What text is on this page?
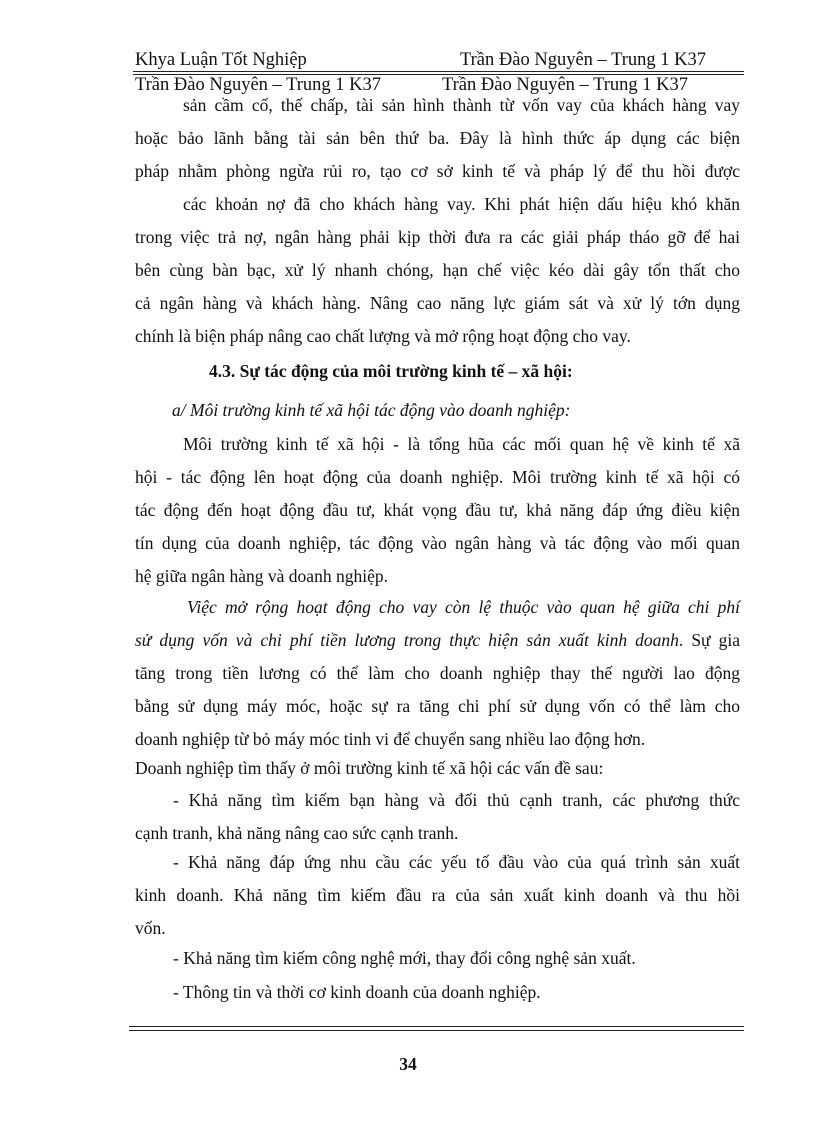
Khya Luận Tốt Nghiệp	Trần Đào Nguyên – Trung 1 K37
Trần Đào Nguyên – Trung 1 K37	Trần Đào Nguyên – Trung 1 K37
sản cầm cố, thế chấp, tài sản hình thành từ vốn vay của khách hàng vay
hoặc bảo lãnh bằng tài sản bên thứ ba. Đây là hình thức áp dụng các biện
pháp nhằm phòng ngừa rủi ro, tạo cơ sở kinh tế và pháp lý để thu hồi được
các khoản nợ đã cho khách hàng vay. Khi phát hiện dấu hiệu khó khăn
trong việc trả nợ, ngân hàng phải kịp thời đưa ra các giải pháp tháo gỡ để hai
bên cùng bàn bạc, xử lý nhanh chóng, hạn chế việc kéo dài gây tổn thất cho
cả ngân hàng và khách hàng. Nâng cao năng lực giám sát và xử lý tớn dụng
chính là biện pháp nâng cao chất lượng và mở rộng hoạt động cho vay.
4.3. Sự tác động của môi trường kinh tế – xã hội:
a/ Môi trường kinh tế xã hội tác động vào doanh nghiệp:
Môi trường kinh tế xã hội - là tổng hũa các mối quan hệ về kinh tế xã
hội - tác động lên hoạt động của doanh nghiệp. Môi trường kinh tế xã hội có
tác động đến hoạt động đầu tư, khát vọng đầu tư, khả năng đáp ứng điều kiện
tín dụng của doanh nghiệp, tác động vào ngân hàng và tác động vào mối quan
hệ giữa ngân hàng và doanh nghiệp.
Việc mở rộng hoạt động cho vay còn lệ thuộc vào quan hệ giữa chi phí
sử dụng vốn và chi phí tiền lương trong thực hiện sản xuất kinh doanh. Sự gia
tăng trong tiền lương có thể làm cho doanh nghiệp thay thế người lao động
bằng sử dụng máy móc, hoặc sự ra tăng chi phí sử dụng vốn có thể làm cho
doanh nghiệp từ bỏ máy móc tinh vi để chuyển sang nhiều lao động hơn.
Doanh nghiệp tìm thấy ở môi trường kinh tế xã hội các vấn đề sau:
- Khả năng tìm kiếm bạn hàng và đối thủ cạnh tranh, các phương thức
cạnh tranh, khả năng nâng cao sức cạnh tranh.
- Khả năng đáp ứng nhu cầu các yếu tố đầu vào của quá trình sản xuất
kinh doanh. Khả năng tìm kiếm đầu ra của sản xuất kinh doanh và thu hồi
vốn.
- Khả năng tìm kiếm công nghệ mới, thay đổi công nghệ sản xuất.
- Thông tin và thời cơ kinh doanh của doanh nghiệp.
34
